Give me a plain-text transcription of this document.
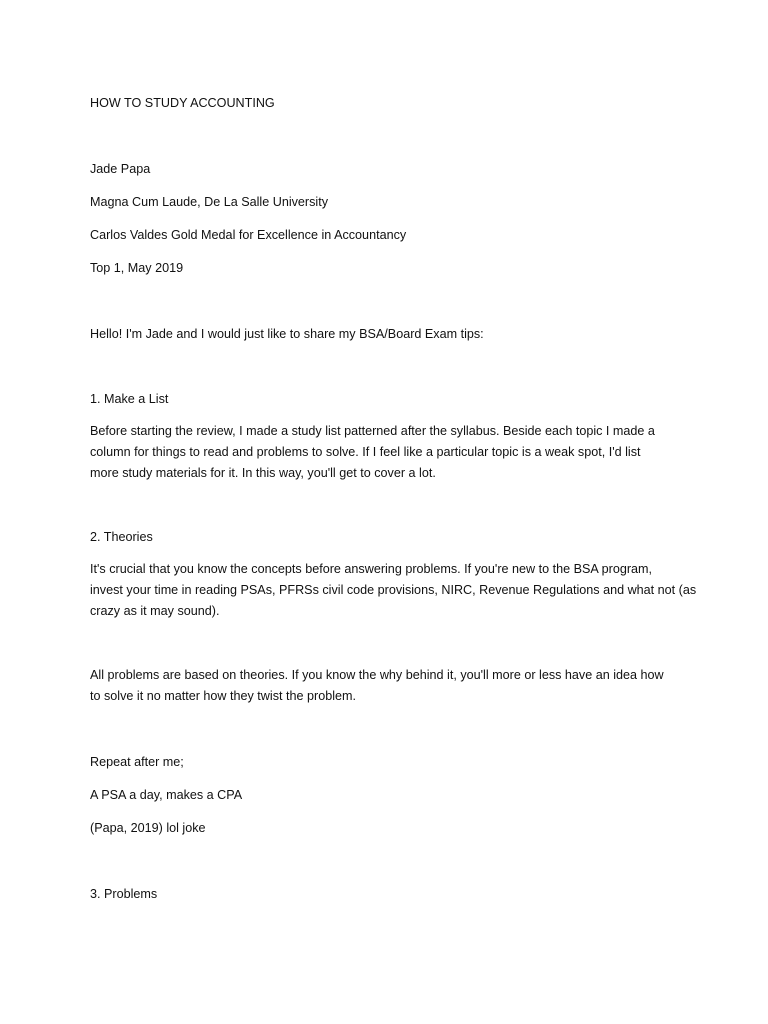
HOW TO STUDY ACCOUNTING
Jade Papa
Magna Cum Laude, De La Salle University
Carlos Valdes Gold Medal for Excellence in Accountancy
Top 1, May 2019
Hello! I'm Jade and I would just like to share my BSA/Board Exam tips:
1. Make a List
Before starting the review, I made a study list patterned after the syllabus. Beside each topic I made a
column for things to read and problems to solve. If I feel like a particular topic is a weak spot, I'd list
more study materials for it. In this way, you'll get to cover a lot.
2. Theories
It's crucial that you know the concepts before answering problems. If you're new to the BSA program,
invest your time in reading PSAs, PFRSs civil code provisions, NIRC, Revenue Regulations and what not (as
crazy as it may sound).
All problems are based on theories. If you know the why behind it, you'll more or less have an idea how
to solve it no matter how they twist the problem.
Repeat after me;
A PSA a day, makes a CPA
(Papa, 2019) lol joke
3. Problems
